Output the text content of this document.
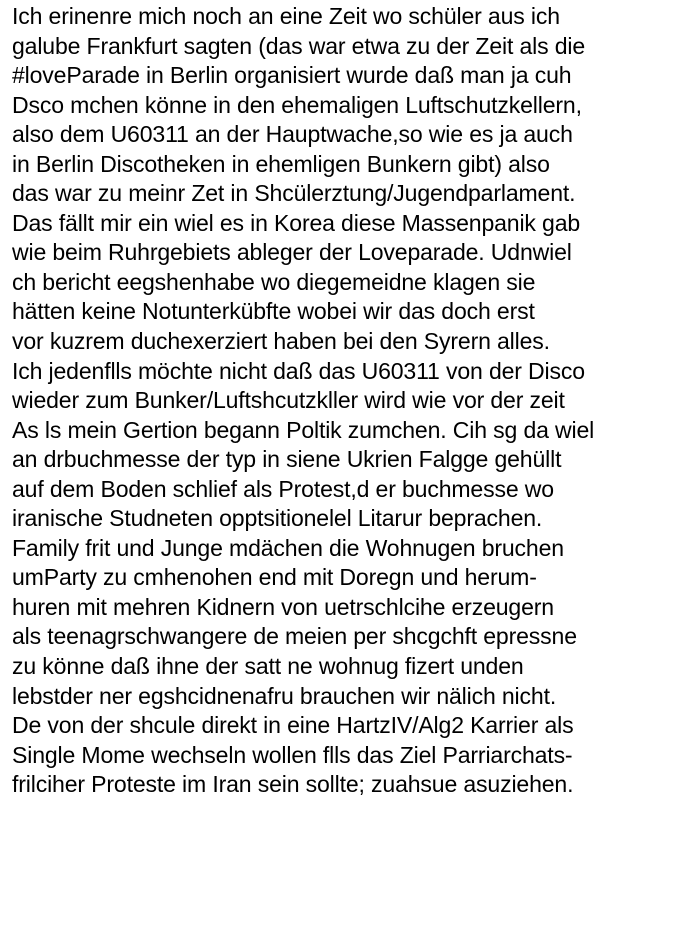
Ich erinenre mich noch an eine Zeit wo schüler aus ich
galube Frankfurt sagten (das war etwa zu der Zeit als die
#loveParade in Berlin organisiert wurde daß man ja cuh
Dsco mchen könne in den ehemaligen Luftschutzkellern,
also dem U60311 an der Hauptwache,so wie es ja auch
in Berlin Discotheken in ehemligen Bunkern gibt) also
das war zu meinr Zet in Shcülerztung/Jugendparlament.
Das fällt mir ein wiel es in Korea diese Massenpanik gab
wie beim Ruhrgebiets ableger der Loveparade. Udnwiel
ch bericht eegshenhabe wo diegemeidne klagen sie
hätten keine Notunterkübfte wobei wir das doch erst
vor kuzrem duchexerziert haben bei den Syrern alles.
Ich jedenflls möchte nicht daß das U60311 von der Disco
wieder zum Bunker/Luftshcutzkller wird wie vor der zeit
As ls mein Gertion begann Poltik zumchen. Cih sg da wiel
an drbuchmesse der typ in siene Ukrien Falgge gehüllt
auf dem Boden schlief als Protest,d er buchmesse wo
iranische Studneten opptsitionelel Litarur beprachen.
Family frit und Junge mdächen die Wohnugen bruchen
umParty zu cmhenohen end mit Doregn und herum-
huren mit mehren Kidnern von uetrschlcihe erzeugern
als teenagrschwangere de meien per shcgchft epressne
zu könne daß ihne der satt ne wohnug fizert unden
lebstder ner egshcidnenafru brauchen wir nälich nicht.
De von der shcule direkt in eine HartzIV/Alg2 Karrier als
Single Mome wechseln wollen flls das Ziel Parriarchats-
frilciher Proteste im Iran sein sollte; zuahsue asuziehen.
